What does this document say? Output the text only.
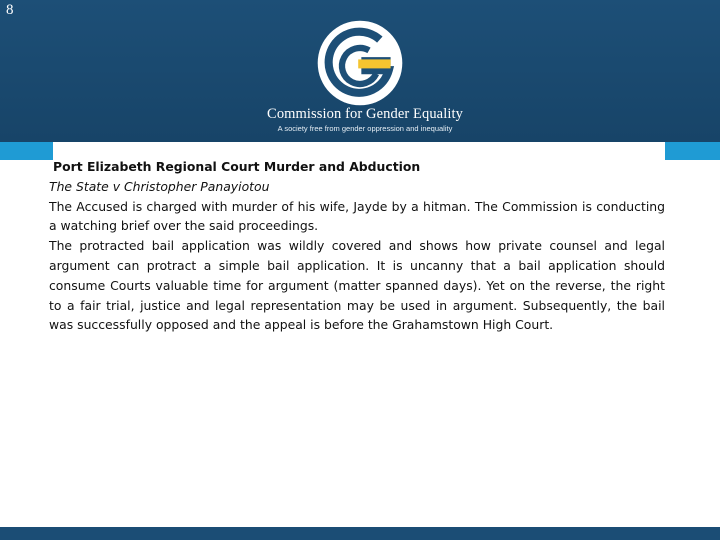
8
Commission for Gender Equality
A society free from gender oppression and inequality

Port Elizabeth Regional Court Murder and Abduction

The State v Christopher Panayiotou

The Accused is charged with murder of his wife, Jayde by a hitman. The Commission is conducting a watching brief over the said proceedings.

The protracted bail application was wildly covered and shows how private counsel and legal argument can protract a simple bail application. It is uncanny that a bail application should consume Courts valuable time for argument (matter spanned days). Yet on the reverse, the right to a fair trial, justice and legal representation may be used in argument. Subsequently, the bail was successfully opposed and the appeal is before the Grahamstown High Court.
